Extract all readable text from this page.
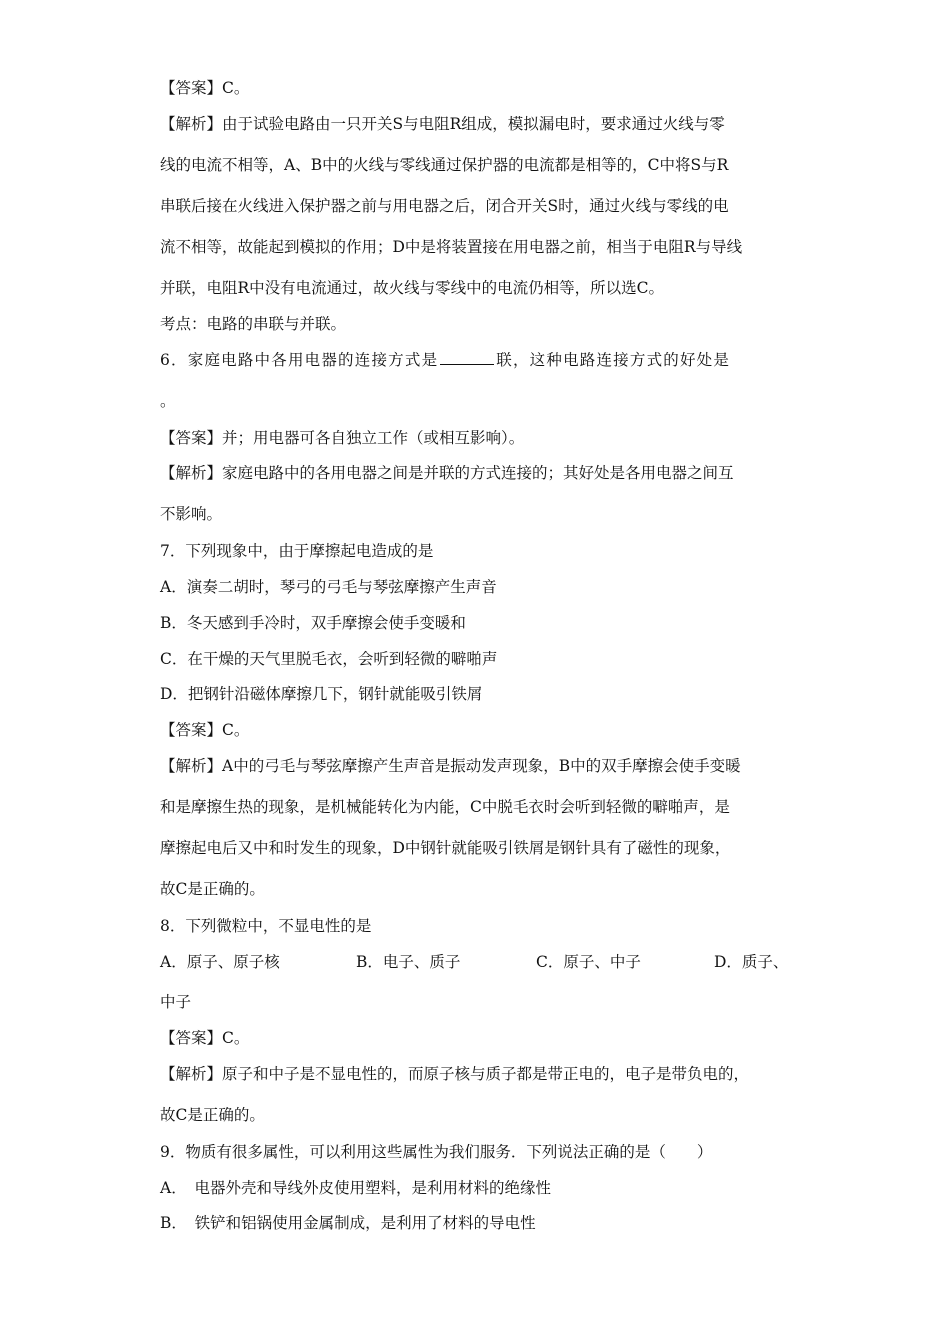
【答案】C。
【解析】由于试验电路由一只开关S与电阻R组成，模拟漏电时，要求通过火线与零
线的电流不相等，A、B中的火线与零线通过保护器的电流都是相等的，C中将S与R
串联后接在火线进入保护器之前与用电器之后，闭合开关S时，通过火线与零线的电
流不相等，故能起到模拟的作用；D中是将装置接在用电器之前，相当于电阻R与导线
并联，电阻R中没有电流通过，故火线与零线中的电流仍相等，所以选C。
考点：电路的串联与并联。
6．家庭电路中各用电器的连接方式是	联，这种电路连接方式的好处是
。
【答案】并；用电器可各自独立工作（或相互影响）。
【解析】家庭电路中的各用电器之间是并联的方式连接的；其好处是各用电器之间互
不影响。
7．下列现象中，由于摩擦起电造成的是
A．演奏二胡时，琴弓的弓毛与琴弦摩擦产生声音
B．冬天感到手冷时，双手摩擦会使手变暖和
C．在干燥的天气里脱毛衣，会听到轻微的噼啪声
D．把钢针沿磁体摩擦几下，钢针就能吸引铁屑
【答案】C。
【解析】A中的弓毛与琴弦摩擦产生声音是振动发声现象，B中的双手摩擦会使手变暖
和是摩擦生热的现象，是机械能转化为内能，C中脱毛衣时会听到轻微的噼啪声，是
摩擦起电后又中和时发生的现象，D中钢针就能吸引铁屑是钢针具有了磁性的现象，
故C是正确的。
8．下列微粒中，不显电性的是
A．原子、原子核	B．电子、质子	C．原子、中子	D．质子、
中子
【答案】C。
【解析】原子和中子是不显电性的，而原子核与质子都是带正电的，电子是带负电的，
故C是正确的。
9．物质有很多属性，可以利用这些属性为我们服务．下列说法正确的是（　　）
A．　电器外壳和导线外皮使用塑料，是利用材料的绝缘性
B．　铁铲和铝锅使用金属制成，是利用了材料的导电性
